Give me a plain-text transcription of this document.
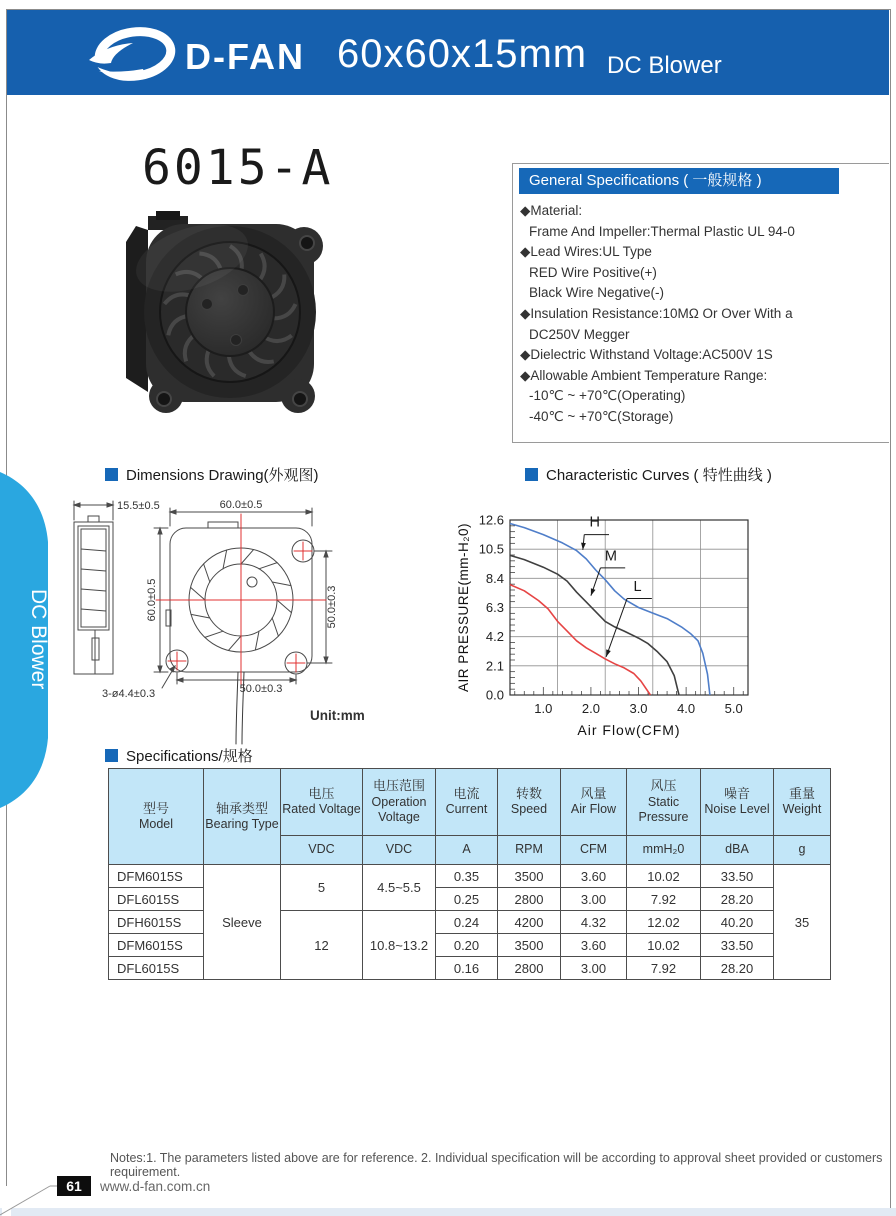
D-FAN 60x60x15mm DC Blower
DC Blower
6015-A	General Specifications ( 一般规格 )
◆Material:
Frame And Impeller:Thermal Plastic UL 94-0
◆Lead Wires:UL Type
RED Wire Positive(+)
Black Wire Negative(-)
◆Insulation Resistance:10MΩ Or Over With a
DC250V Megger
◆Dielectric Withstand Voltage:AC500V 1S
◆Allowable Ambient Temperature Range:
-10℃ ~ +70℃(Operating)
-40℃ ~ +70℃(Storage)
Dimensions Drawing(外观图)	Characteristic Curves ( 特性曲线 )
Specifications/规格
15.5±0.5	60.0±0.5
60.0±0.5	50.0±0.3
50.0±0.3
3-ø4.4±0.3
Unit:mm
0.0
2.1
4.2
6.3
8.4
10.5
12.6
1.0 2.0 3.0 4.0 5.0
AIR PRESSURE(mm-H₂0)
Air Flow(CFM)
H
M
L
型号
Model

轴承类型
Bearing Type

电压
Rated Voltage

电压范围
Operation Voltage

电流
Current

转数
Speed

风量
Air Flow

风压
Static Pressure

噪音
Noise Level

重量
Weight

		VDC	VDC	A	RPM	CFM	mmH₂0	dBA	g
DFM6015S	Sleeve	5	4.5~5.5	0.35	3500	3.60	10.02	33.50	35
DFL6015S				0.25	2800	3.00	7.92	28.20	
DFH6015S		12	10.8~13.2	0.24	4200	4.32	12.02	40.20	
DFM6015S				0.20	3500	3.60	10.02	33.50	
DFL6015S				0.16	2800	3.00	7.92	28.20	
Notes:1. The parameters listed above are for reference. 2. Individual specification will be according to approval sheet provided or customers requirement.
61	www.d-fan.com.cn
